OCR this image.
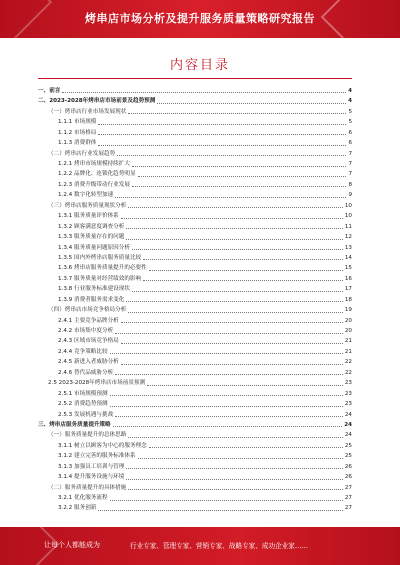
烤串店市场分析及提升服务质量策略研究报告
内容目录
一、前言	4
二、2023-2028年烤串店市场前景及趋势预测	4
（一）烤串店行业市场发展现状	5
1.1.1 市场规模	5
1.1.2 市场格局	6
1.1.3 消费群体	6
（二）烤串店行业发展趋势	7
1.2.1 烤串市场规模持续扩大	7
1.2.2 品牌化、连锁化趋势明显	7
1.2.3 消费升级带动行业发展	8
1.2.4 数字化转型加速	9
（三）烤串店服务质量现状分析	10
1.3.1 服务质量评价体系	10
1.3.2 顾客满意度调查分析	11
1.3.3 服务质量存在的问题	12
1.3.4 服务质量问题原因分析	13
1.3.5 国内外烤串店服务质量比较	14
1.3.6 烤串店服务质量提升的必要性	15
1.3.7 服务质量对经营绩效的影响	16
1.3.8 行业服务标准建设现状	17
1.3.9 消费者服务需求变化	18
（四）烤串店市场竞争格局分析	19
2.4.1 主要竞争品牌分析	20
2.4.2 市场集中度分析	20
2.4.3 区域市场竞争格局	21
2.4.4 竞争策略比较	21
2.4.5 新进入者威胁分析	22
2.4.6 替代品威胁分析	22
2.5 2023-2028年烤串店市场前景预测	23
2.5.1 市场规模预测	23
2.5.2 消费趋势预测	23
2.5.3 发展机遇与挑战	24
三、烤串店服务质量提升策略	24
（一）服务质量提升的总体思路	24
3.1.1 树立以顾客为中心的服务理念	25
3.1.2 建立完善的服务标准体系	25
3.1.3 加强员工培训与管理	26
3.1.4 提升服务设施与环境	26
（二）服务质量提升的具体措施	27
3.2.1 优化服务流程	27
3.2.2 服务创新	27
让每个人都能成为	行业专家、管理专家、营销专家、战略专家、成功企业家……
